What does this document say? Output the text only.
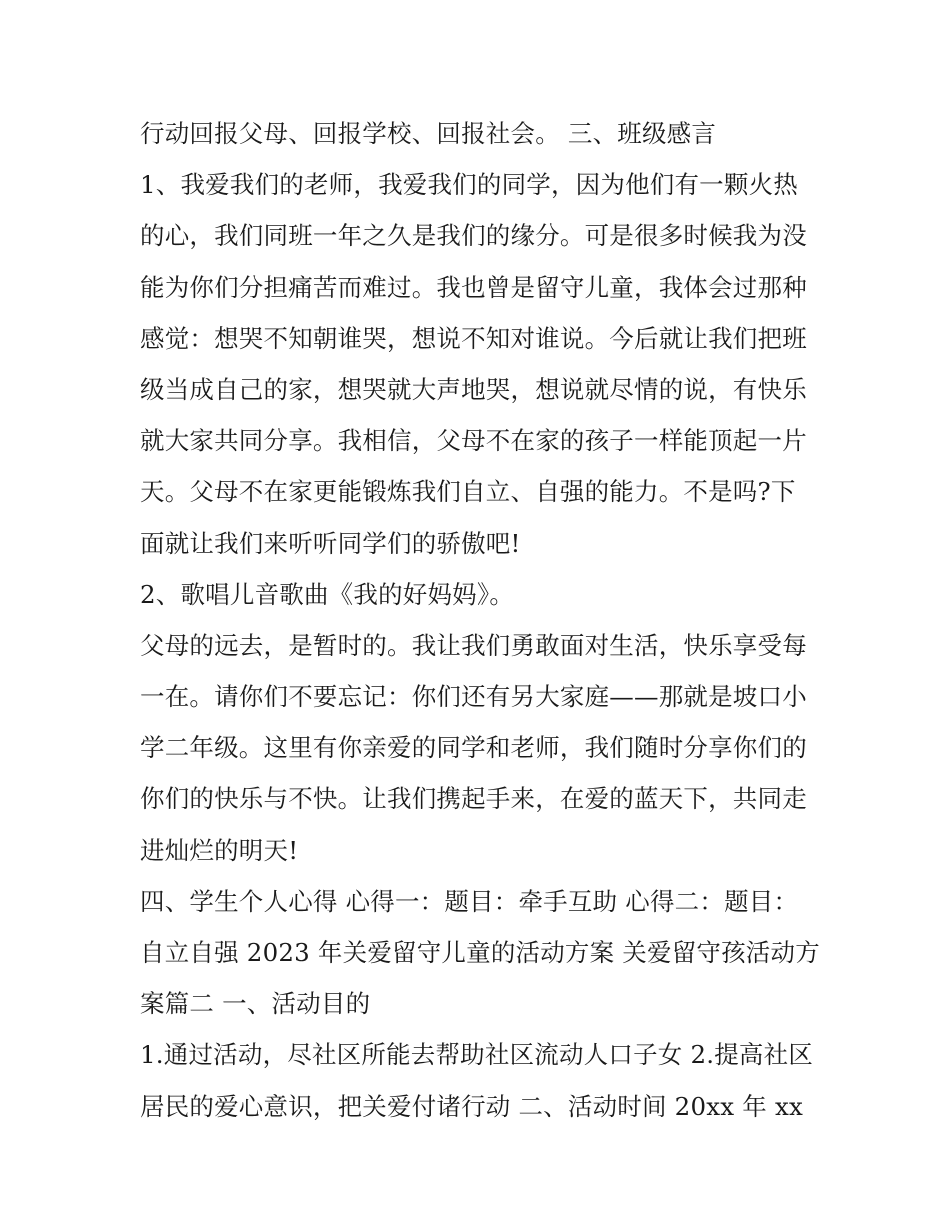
行动回报父母、回报学校、回报社会。 三、班级感言
1、我爱我们的老师，我爱我们的同学，因为他们有一颗火热
的心，我们同班一年之久是我们的缘分。可是很多时候我为没
能为你们分担痛苦而难过。我也曾是留守儿童，我体会过那种
感觉：想哭不知朝谁哭，想说不知对谁说。今后就让我们把班
级当成自己的家，想哭就大声地哭，想说就尽情的说，有快乐
就大家共同分享。我相信，父母不在家的孩子一样能顶起一片
天。父母不在家更能锻炼我们自立、自强的能力。不是吗?下
面就让我们来听听同学们的骄傲吧!
2、歌唱儿音歌曲《我的好妈妈》。
父母的远去，是暂时的。我让我们勇敢面对生活，快乐享受每
一在。请你们不要忘记：你们还有另大家庭——那就是坡口小
学二年级。这里有你亲爱的同学和老师，我们随时分享你们的
你们的快乐与不快。让我们携起手来，在爱的蓝天下，共同走
进灿烂的明天!
四、学生个人心得 心得一：题目：牵手互助 心得二：题目：
自立自强 2023 年关爱留守儿童的活动方案 关爱留守孩活动方
案篇二 一、活动目的
1.通过活动，尽社区所能去帮助社区流动人口子女 2.提高社区
居民的爱心意识，把关爱付诸行动 二、活动时间 20xx 年 xx
